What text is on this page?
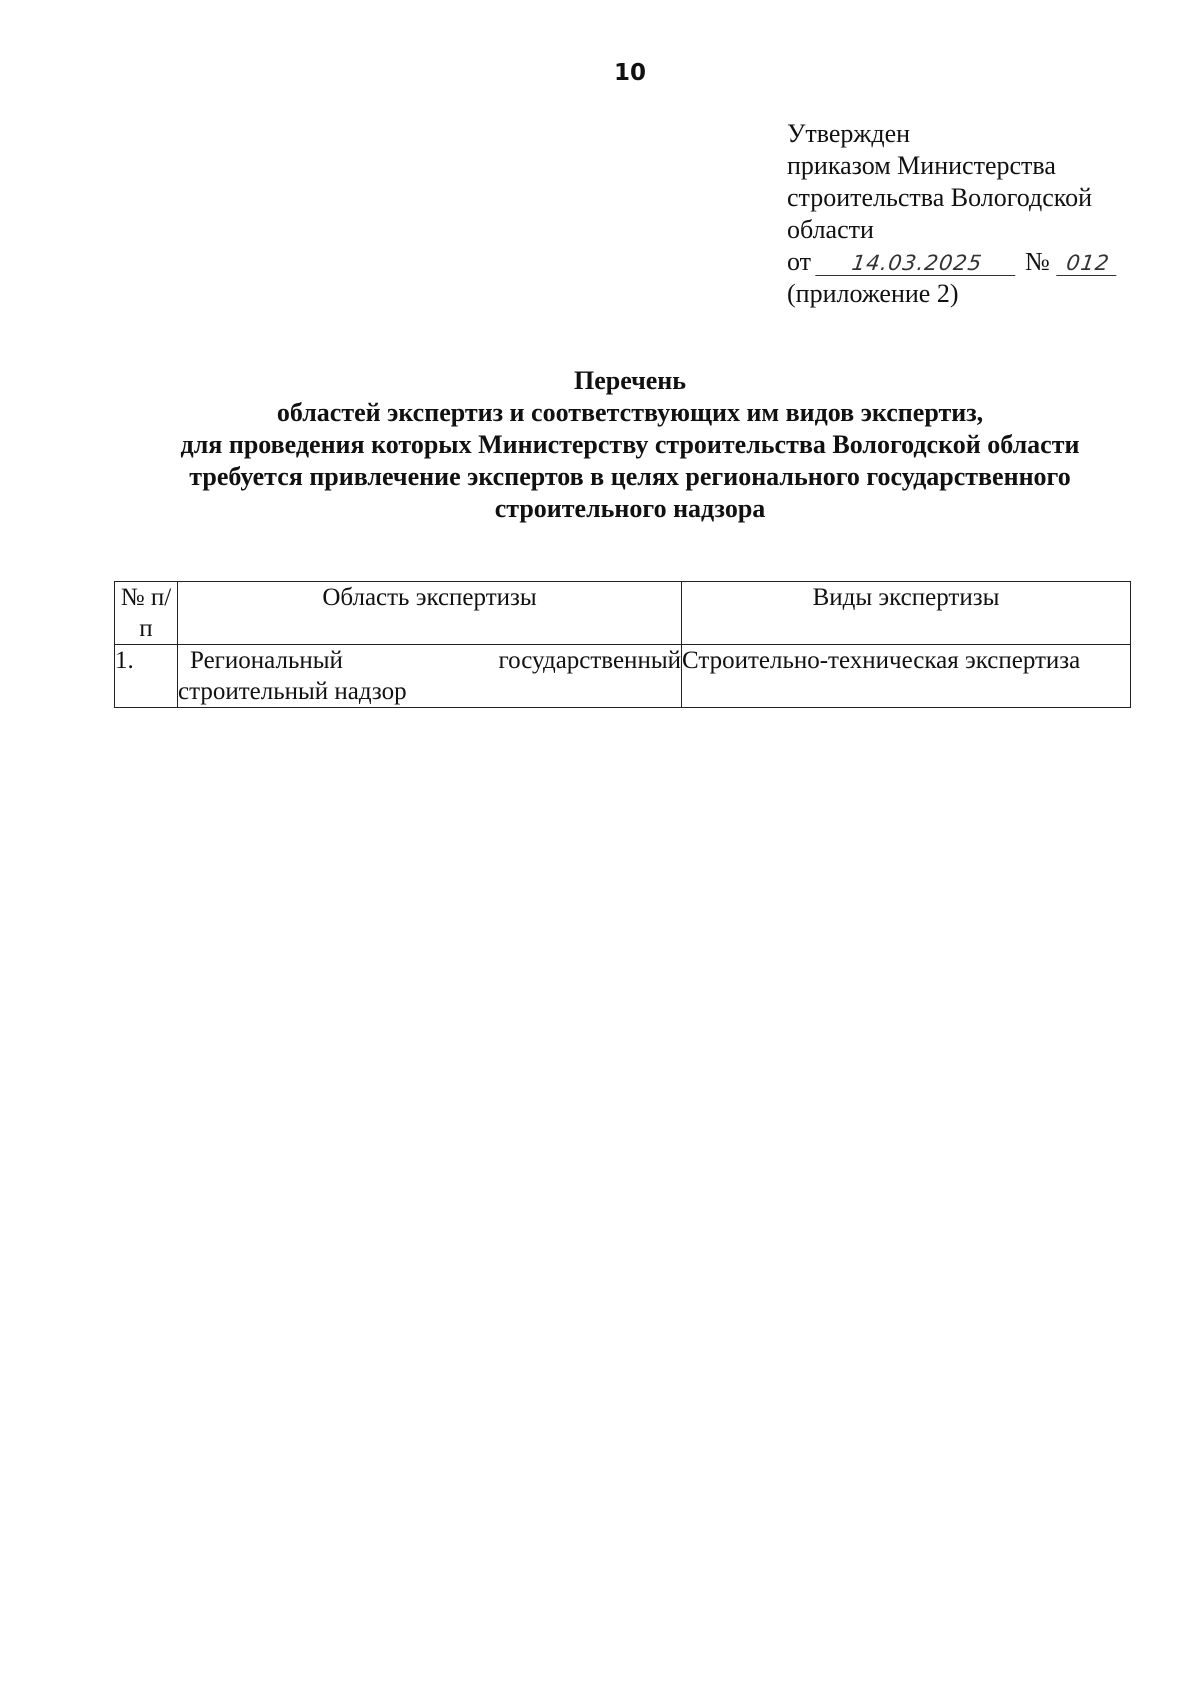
10
Утвержден
приказом Министерства
строительства Вологодской
области
от 14.03.2025 № 012
(приложение 2)
Перечень
областей экспертиз и соответствующих им видов экспертиз,
для проведения которых Министерству строительства Вологодской области
требуется привлечение экспертов в целях регионального государственного
строительного надзора
№ п/п	Область экспертизы	Виды экспертизы
1.	Региональный государственный строительный надзор	Строительно-техническая экспертиза
